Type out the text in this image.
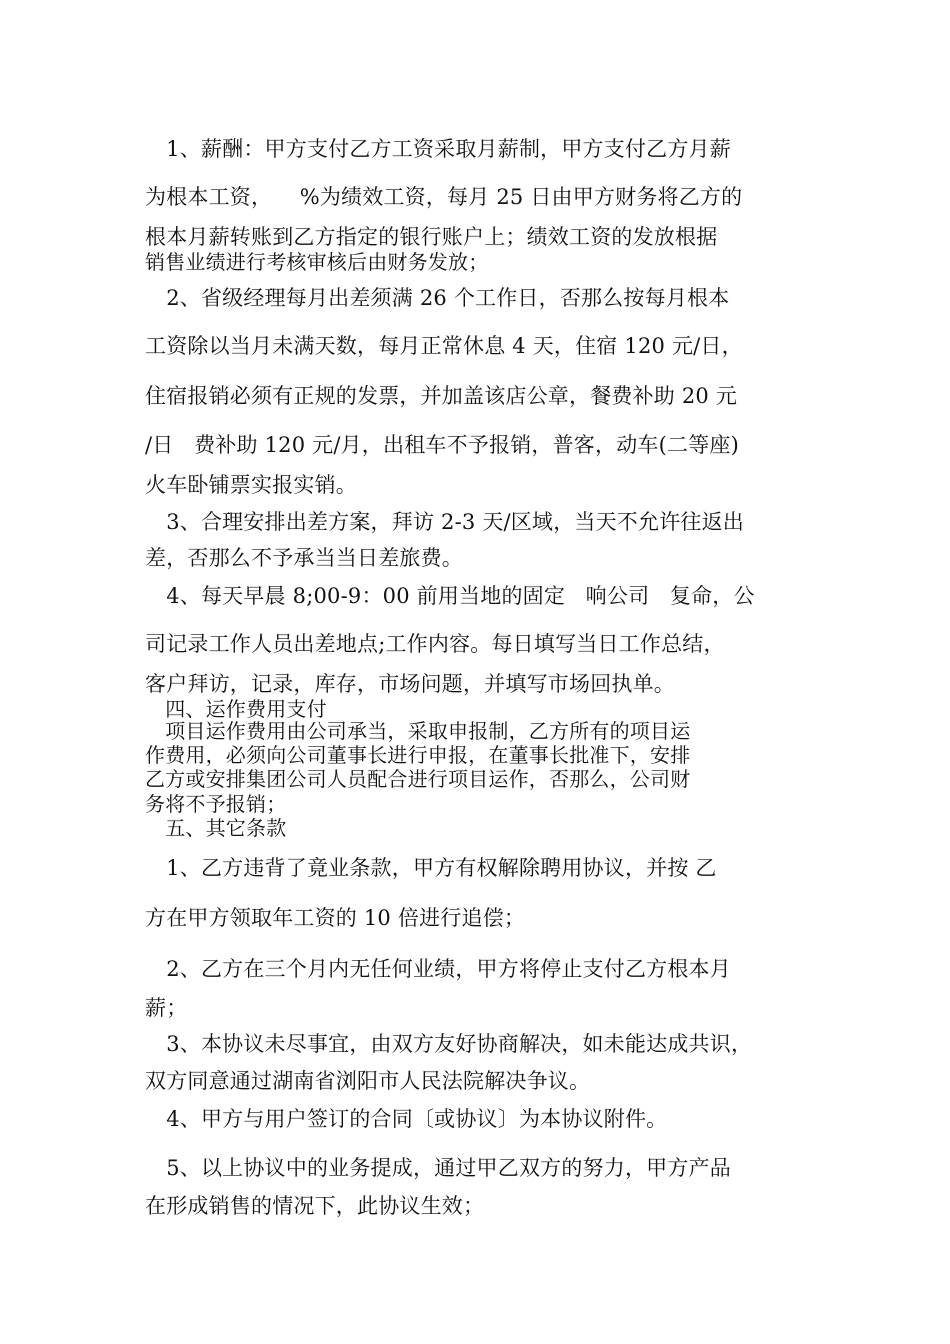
　1、薪酬：甲方支付乙方工资采取月薪制，甲方支付乙方月薪
为根本工资，    %为绩效工资，每月 25 日由甲方财务将乙方的
根本月薪转账到乙方指定的银行账户上；绩效工资的发放根据
销售业绩进行考核审核后由财务发放；
　2、省级经理每月出差须满 26 个工作日，否那么按每月根本
工资除以当月未满天数，每月正常休息 4 天，住宿 120 元/日，
住宿报销必须有正规的发票，并加盖该店公章，餐费补助 20 元
/日   费补助 120 元/月，出租车不予报销，普客，动车(二等座)
火车卧铺票实报实销。
　3、合理安排出差方案，拜访 2-3 天/区域，当天不允许往返出
差，否那么不予承当当日差旅费。
　4、每天早晨 8;00-9：00 前用当地的固定   响公司   复命，公
司记录工作人员出差地点;工作内容。每日填写当日工作总结，
客户拜访，记录，库存，市场问题，并填写市场回执单。
　四、运作费用支付
　项目运作费用由公司承当，采取申报制，乙方所有的项目运
作费用，必须向公司董事长进行申报，在董事长批准下，安排
乙方或安排集团公司人员配合进行项目运作，否那么，公司财
务将不予报销；
　五、其它条款
　1、乙方违背了竟业条款，甲方有权解除聘用协议，并按 乙
方在甲方领取年工资的 10 倍进行追偿；
　2、乙方在三个月内无任何业绩，甲方将停止支付乙方根本月
薪；
　3、本协议未尽事宜，由双方友好协商解决，如未能达成共识，
双方同意通过湖南省浏阳市人民法院解决争议。
　4、甲方与用户签订的合同〔或协议〕为本协议附件。
　5、以上协议中的业务提成，通过甲乙双方的努力，甲方产品
在形成销售的情况下，此协议生效；
